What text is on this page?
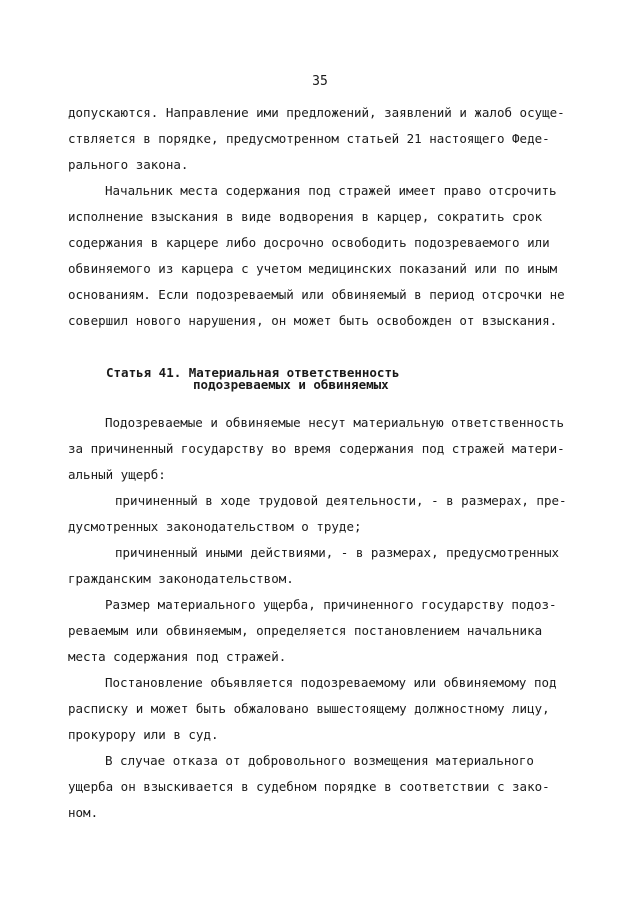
35
допускаются. Направление ими предложений, заявлений и жалоб осуще-
ствляется в порядке, предусмотренном статьей 21 настоящего Феде-
рального закона.
Начальник места содержания под стражей имеет право отсрочить
исполнение взыскания в виде водворения в карцер, сократить срок
содержания в карцере либо досрочно освободить подозреваемого или
обвиняемого из карцера с учетом медицинских показаний или по иным
основаниям. Если подозреваемый или обвиняемый в период отсрочки не
совершил нового нарушения, он может быть освобожден от взыскания.
Статья 41. Материальная ответственность
подозреваемых и обвиняемых
Подозреваемые и обвиняемые несут материальную ответственность
за причиненный государству во время содержания под стражей матери-
альный ущерб:
причиненный в ходе трудовой деятельности, - в размерах, пре-
дусмотренных законодательством о труде;
причиненный иными действиями, - в размерах, предусмотренных
гражданским законодательством.
Размер материального ущерба, причиненного государству подоз-
реваемым или обвиняемым, определяется постановлением начальника
места содержания под стражей.
Постановление объявляется подозреваемому или обвиняемому под
расписку и может быть обжаловано вышестоящему должностному лицу,
прокурору или в суд.
В случае отказа от добровольного возмещения материального
ущерба он взыскивается в судебном порядке в соответствии с зако-
ном.
